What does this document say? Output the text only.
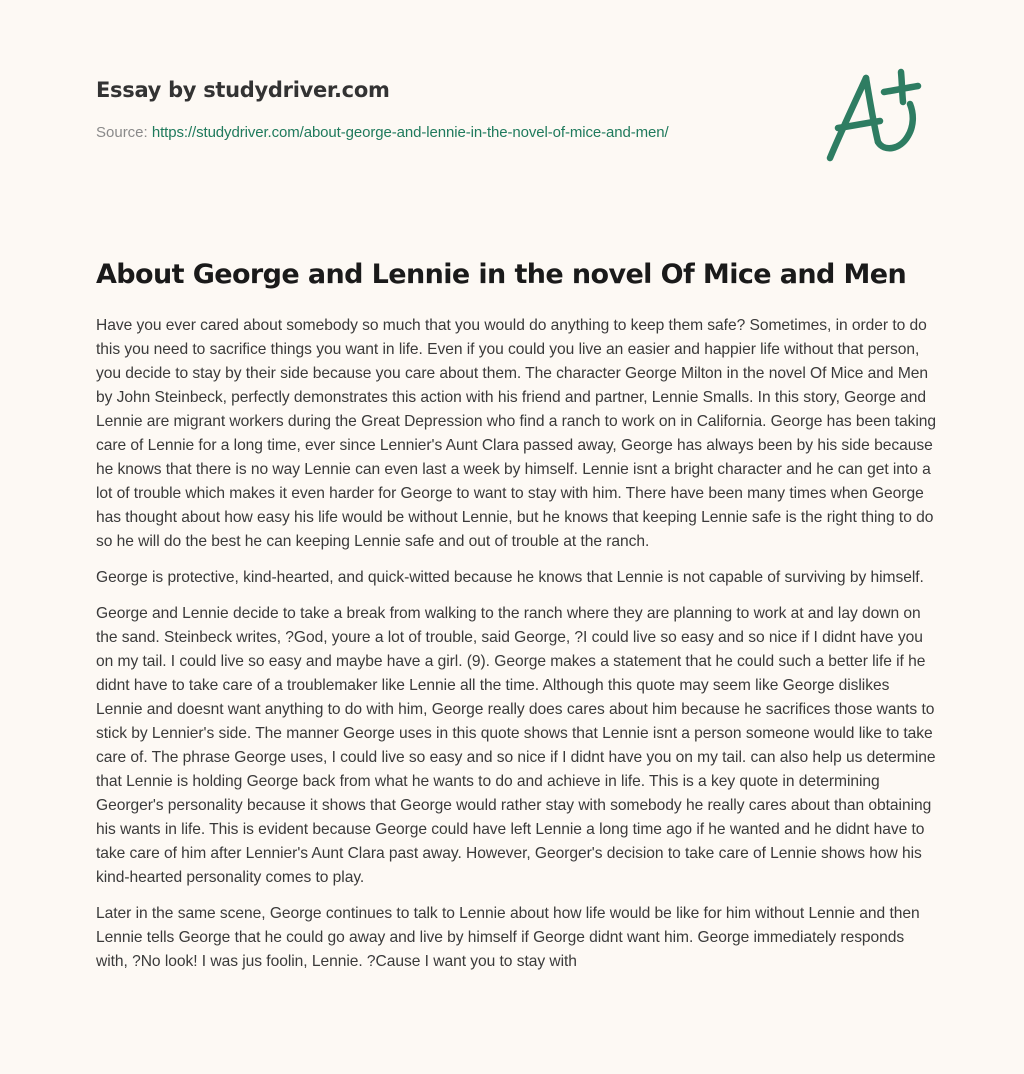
Essay by studydriver.com
Source: https://studydriver.com/about-george-and-lennie-in-the-novel-of-mice-and-men/
About George and Lennie in the novel Of Mice and Men

Have you ever cared about somebody so much that you would do anything to keep them safe? Sometimes, in order to do this you need to sacrifice things you want in life. Even if you could you live an easier and happier life without that person, you decide to stay by their side because you care about them. The character George Milton in the novel Of Mice and Men by John Steinbeck, perfectly demonstrates this action with his friend and partner, Lennie Smalls. In this story, George and Lennie are migrant workers during the Great Depression who find a ranch to work on in California. George has been taking care of Lennie for a long time, ever since Lennier's Aunt Clara passed away, George has always been by his side because he knows that there is no way Lennie can even last a week by himself. Lennie isnt a bright character and he can get into a lot of trouble which makes it even harder for George to want to stay with him. There have been many times when George has thought about how easy his life would be without Lennie, but he knows that keeping Lennie safe is the right thing to do so he will do the best he can keeping Lennie safe and out of trouble at the ranch.

George is protective, kind-hearted, and quick-witted because he knows that Lennie is not capable of surviving by himself.

George and Lennie decide to take a break from walking to the ranch where they are planning to work at and lay down on the sand. Steinbeck writes, ?God, youre a lot of trouble, said George, ?I could live so easy and so nice if I didnt have you on my tail. I could live so easy and maybe have a girl. (9). George makes a statement that he could such a better life if he didnt have to take care of a troublemaker like Lennie all the time. Although this quote may seem like George dislikes Lennie and doesnt want anything to do with him, George really does cares about him because he sacrifices those wants to stick by Lennier's side. The manner George uses in this quote shows that Lennie isnt a person someone would like to take care of. The phrase George uses, I could live so easy and so nice if I didnt have you on my tail. can also help us determine that Lennie is holding George back from what he wants to do and achieve in life. This is a key quote in determining Georger's personality because it shows that George would rather stay with somebody he really cares about than obtaining his wants in life. This is evident because George could have left Lennie a long time ago if he wanted and he didnt have to take care of him after Lennier's Aunt Clara past away. However, Georger's decision to take care of Lennie shows how his kind-hearted personality comes to play.

Later in the same scene, George continues to talk to Lennie about how life would be like for him without Lennie and then Lennie tells George that he could go away and live by himself if George didnt want him. George immediately responds with, ?No look! I was jus foolin, Lennie. ?Cause I want you to stay with
